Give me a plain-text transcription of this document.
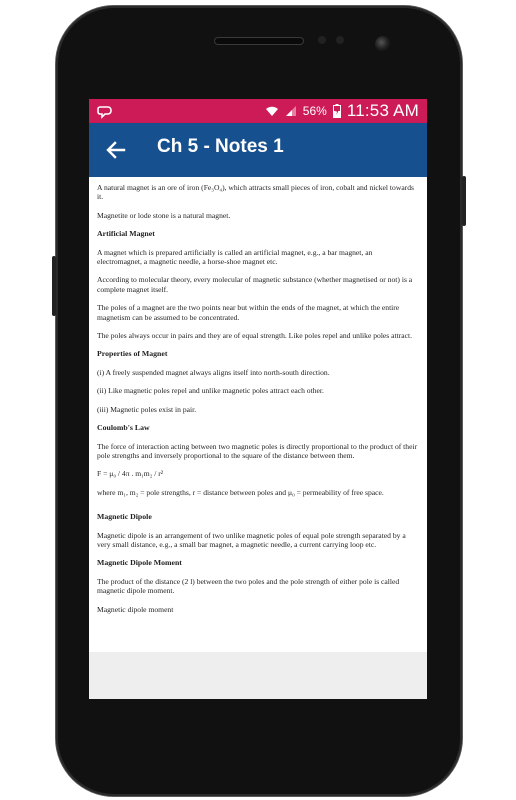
56% 11:53 AM
Ch 5 - Notes 1

A natural magnet is an ore of iron (Fe₃O₄), which attracts small pieces of iron, cobalt and nickel towards it.

Magnetite or lode stone is a natural magnet.

Artificial Magnet

A magnet which is prepared artificially is called an artificial magnet, e.g., a bar magnet, an electromagnet, a magnetic needle, a horse-shoe magnet etc.

According to molecular theory, every molecular of magnetic substance (whether magnetised or not) is a complete magnet itself.

The poles of a magnet are the two points near but within the ends of the magnet, at which the entire magnetism can be assumed to be concentrated.

The poles always occur in pairs and they are of equal strength. Like poles repel and unlike poles attract.

Properties of Magnet

(i) A freely suspended magnet always aligns itself into north-south direction.

(ii) Like magnetic poles repel and unlike magnetic poles attract each other.

(iii) Magnetic poles exist in pair.

Coulomb's Law

The force of interaction acting between two magnetic poles is directly proportional to the product of their pole strengths and inversely proportional to the square of the distance between them.

F = μ₀ / 4π . m₁m₂ / r²

where m₁, m₂ = pole strengths, r = distance between poles and μ₀ = permeability of free space.

Magnetic Dipole

Magnetic dipole is an arrangement of two unlike magnetic poles of equal pole strength separated by a very small distance, e.g., a small bar magnet, a magnetic needle, a current carrying loop etc.

Magnetic Dipole Moment

The product of the distance (2 l) between the two poles and the pole strength of either pole is called magnetic dipole moment.

Magnetic dipole moment
